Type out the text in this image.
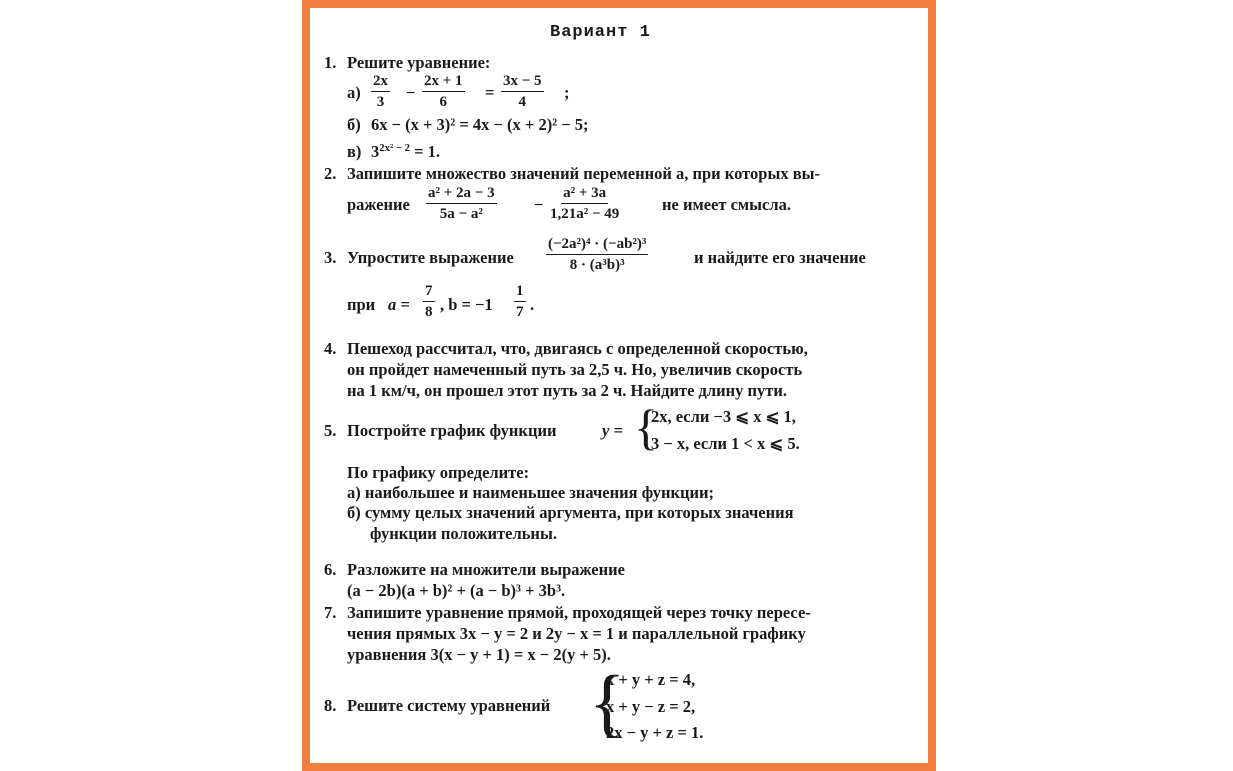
Вариант 1
1. Решите уравнение:
$а) \frac{2x}{3} - \frac{2x + 1}{6} = \frac{3x - 5}{4}$ ;
б) 6x − (x + 3)² = 4x − (x + 2)² − 5;
в) $3^{2x^2 - 2} = 1$.
2. Запишите множество значений переменной a, при которых вы-
ражение $\frac{\text{a² + 2a − 3}}{\text{5a − a²}} - \frac{\text{a² + 3a}}{\text{1,21a² − 49}}$	не имеет смысла.
3. Упростите выражение $\frac{\text{(−2a²)⁴ · (−ab²)³}}{\text{8 · (a³b)³}}$	и найдите его значение
при $a = \frac{7}{8}$ , $b = -1 \frac{1}{7}$ .
4. Пешеход рассчитал, что, двигаясь с определенной скоростью,
он пройдет намеченный путь за 2,5 ч. Но, увеличив скорость
на 1 км/ч, он прошел этот путь за 2 ч. Найдите длину пути.
5. Постройте график функции	y = {
2x, если −3 ⩽ x ⩽ 1,
3 − x, если 1 < x ⩽ 5.
По графику определите:
а) наибольшее и наименьшее значения функции;
б) сумму целых значений аргумента, при которых значения
функции положительны.
6. Разложите на множители выражение
(a − 2b)(a + b)² + (a − b)³ + 3b³.
7. Запишите уравнение прямой, проходящей через точку пересе-
чения прямых 3x − y = 2 и 2y − x = 1 и параллельной графику
уравнения 3(x − y + 1) = x − 2(y + 5).
8. Решите систему уравнений {
x + y + z = 4,
x + y − z = 2,
2x − y + z = 1.
